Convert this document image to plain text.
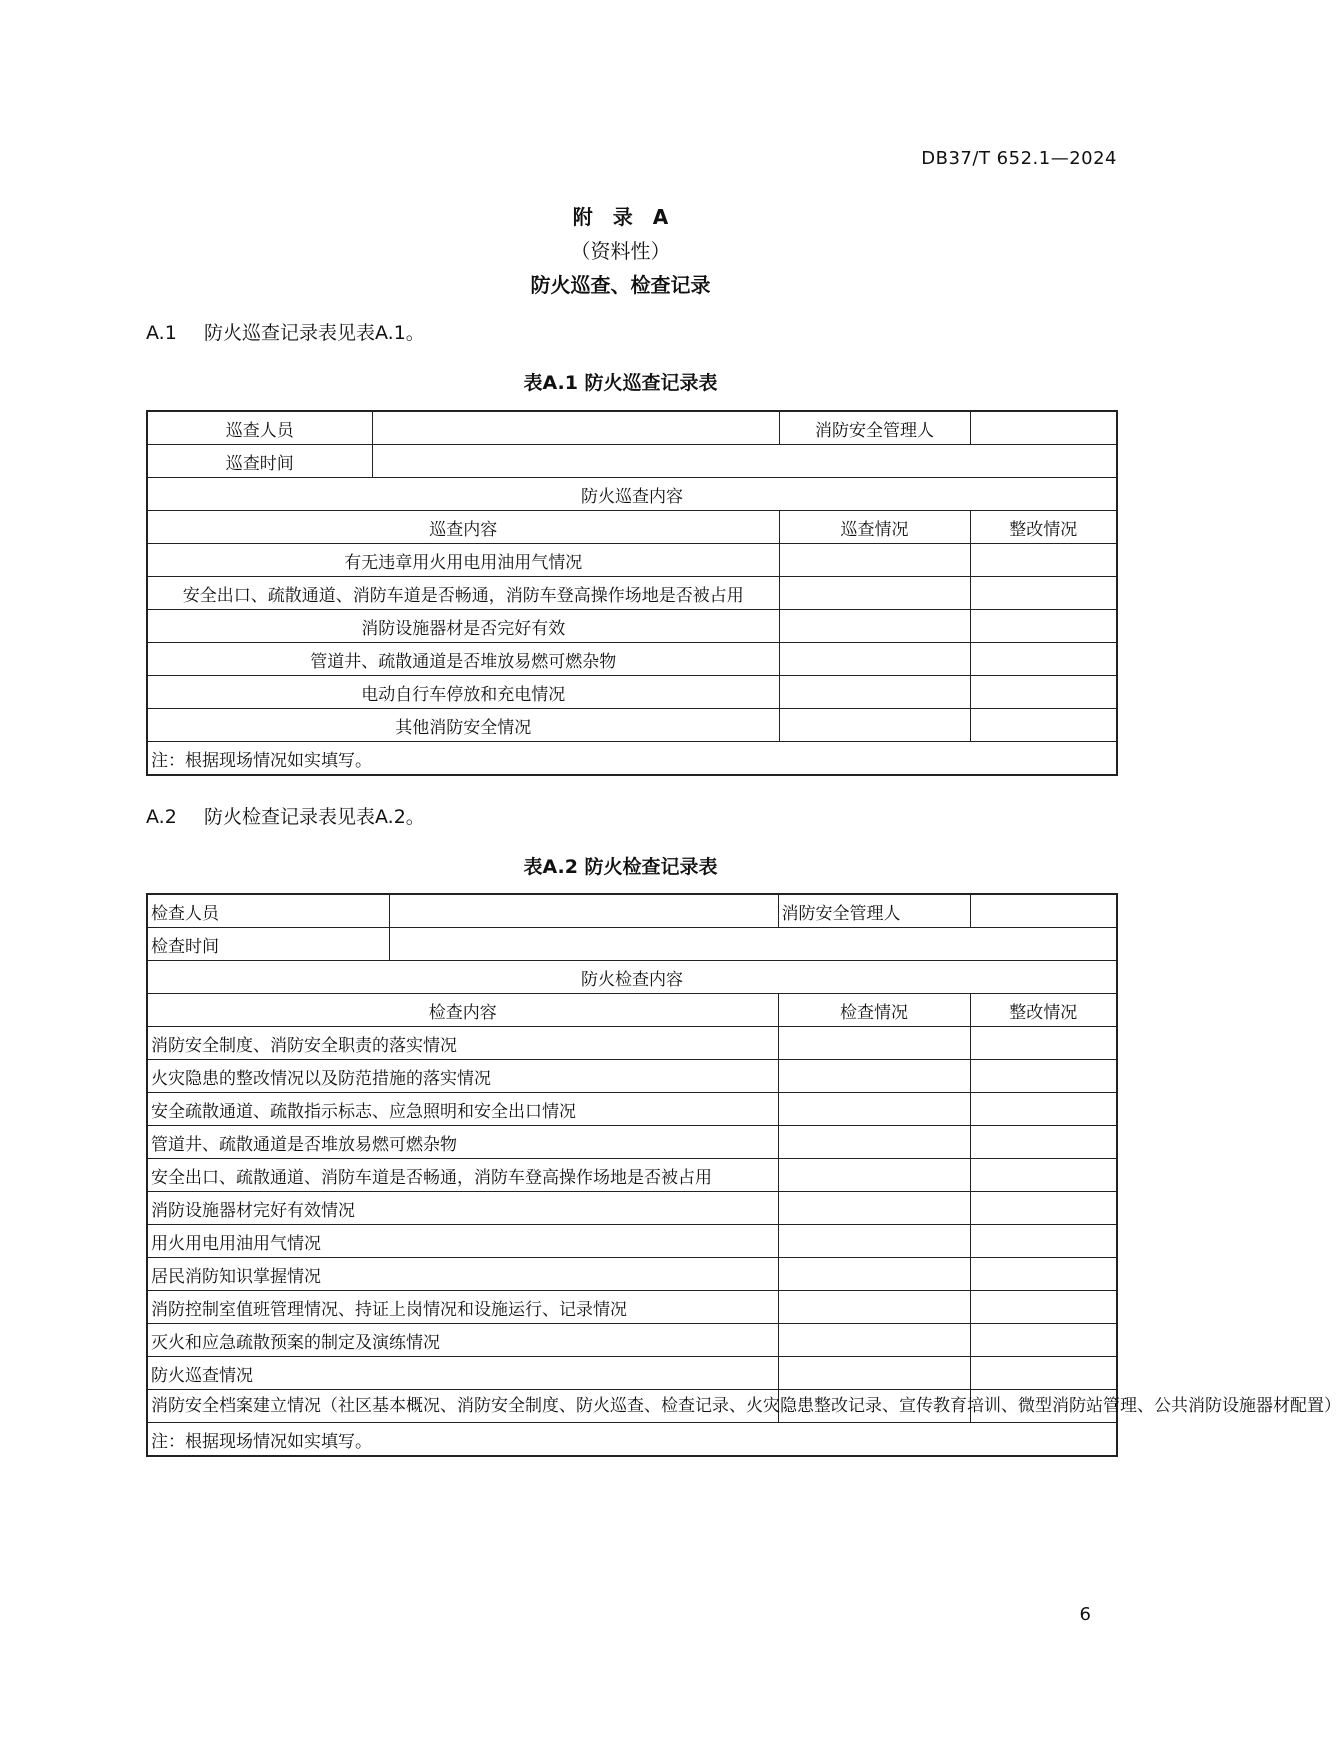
DB37/T 652.1—2024
附　录　A
（资料性）
防火巡查、检查记录
A.1 防火巡查记录表见表A.1。
表A.1 防火巡查记录表
巡查人员		消防安全管理人	
巡查时间			
防火巡查内容			
巡查内容		巡查情况	整改情况
有无违章用火用电用油用气情况			
安全出口、疏散通道、消防车道是否畅通，消防车登高操作场地是否被占用			
消防设施器材是否完好有效			
管道井、疏散通道是否堆放易燃可燃杂物			
电动自行车停放和充电情况			
其他消防安全情况			
注：根据现场情况如实填写。			
A.2 防火检查记录表见表A.2。
表A.2 防火检查记录表
检查人员		消防安全管理人	
检查时间			
防火检查内容			
检查内容		检查情况	整改情况
消防安全制度、消防安全职责的落实情况			
火灾隐患的整改情况以及防范措施的落实情况			
安全疏散通道、疏散指示标志、应急照明和安全出口情况			
管道井、疏散通道是否堆放易燃可燃杂物			
安全出口、疏散通道、消防车道是否畅通，消防车登高操作场地是否被占用			
消防设施器材完好有效情况			
用火用电用油用气情况			
居民消防知识掌握情况			
消防控制室值班管理情况、持证上岗情况和设施运行、记录情况			
灭火和应急疏散预案的制定及演练情况			
防火巡查情况			
消防安全档案建立情况（社区基本概况、消防安全制度、防火巡查、检查记录、火灾隐患整改记录、宣传教育培训、微型消防站管理、公共消防设施器材配置）			
注：根据现场情况如实填写。			
6
